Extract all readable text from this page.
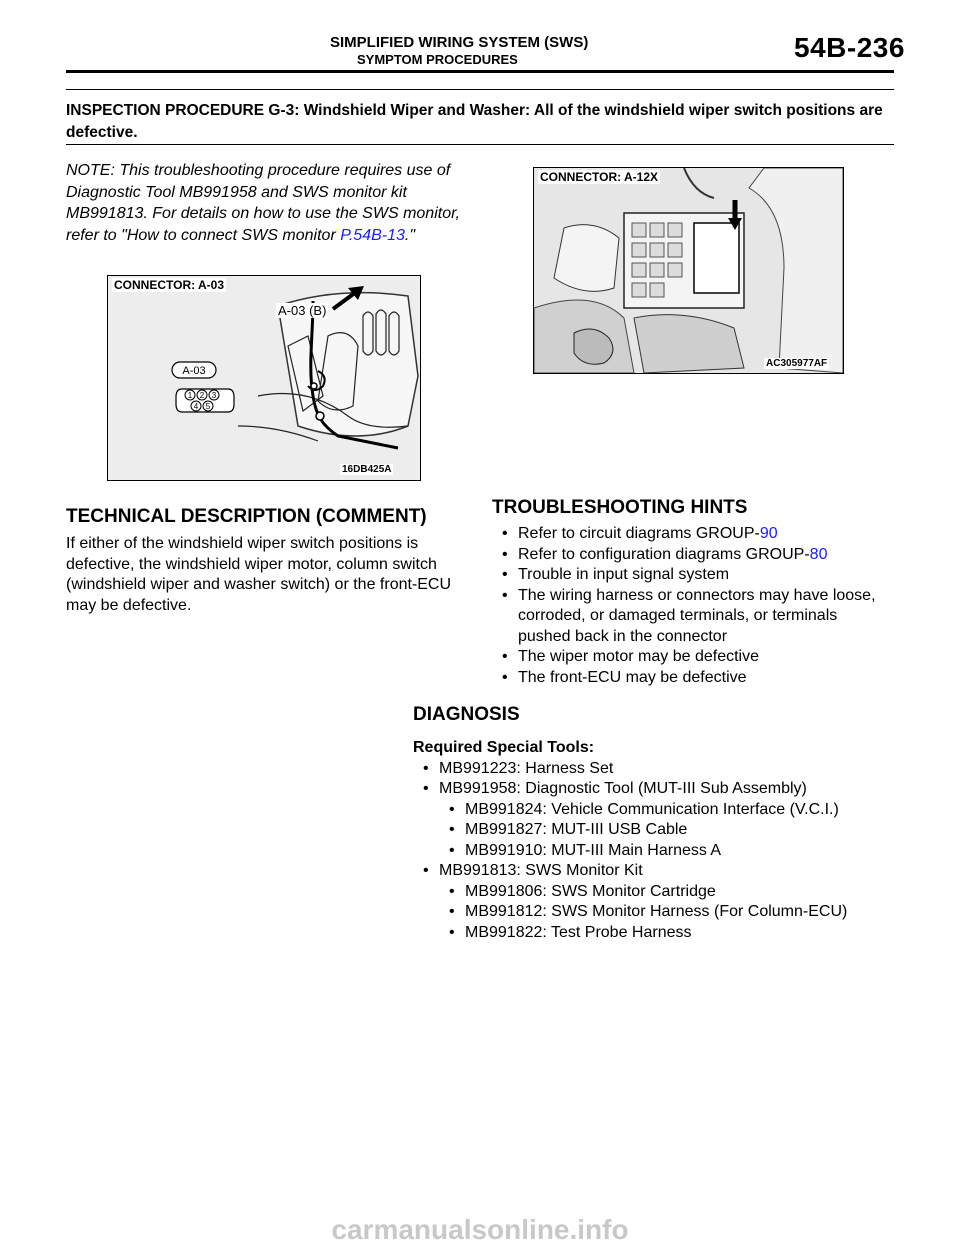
SIMPLIFIED WIRING SYSTEM (SWS)
SYMPTOM PROCEDURES	54B-236
INSPECTION PROCEDURE G-3: Windshield Wiper and Washer: All of the windshield wiper switch positions are defective.
NOTE: This troubleshooting procedure requires use of Diagnostic Tool MB991958 and SWS monitor kit MB991813. For details on how to use the SWS monitor, refer to "How to connect SWS monitor P.54B-13."
A-03
1 2 3
4 5
CONNECTOR: A-03
A-03 (B)
16DB425A
CONNECTOR: A-12X
AC305977AF
TECHNICAL DESCRIPTION (COMMENT)
If either of the windshield wiper switch positions is defective, the windshield wiper motor, column switch (windshield wiper and washer switch) or the front-ECU may be defective.
TROUBLESHOOTING HINTS
• Refer to circuit diagrams GROUP-90
• Refer to configuration diagrams GROUP-80
• Trouble in input signal system
• The wiring harness or connectors may have loose, corroded, or damaged terminals, or terminals pushed back in the connector
• The wiper motor may be defective
• The front-ECU may be defective
DIAGNOSIS
Required Special Tools:
• MB991223: Harness Set
• MB991958: Diagnostic Tool (MUT-III Sub Assembly)
• MB991824: Vehicle Communication Interface (V.C.I.)
• MB991827: MUT-III USB Cable
• MB991910: MUT-III Main Harness A
• MB991813: SWS Monitor Kit
• MB991806: SWS Monitor Cartridge
• MB991812: SWS Monitor Harness (For Column-ECU)
• MB991822: Test Probe Harness
carmanualsonline.info
